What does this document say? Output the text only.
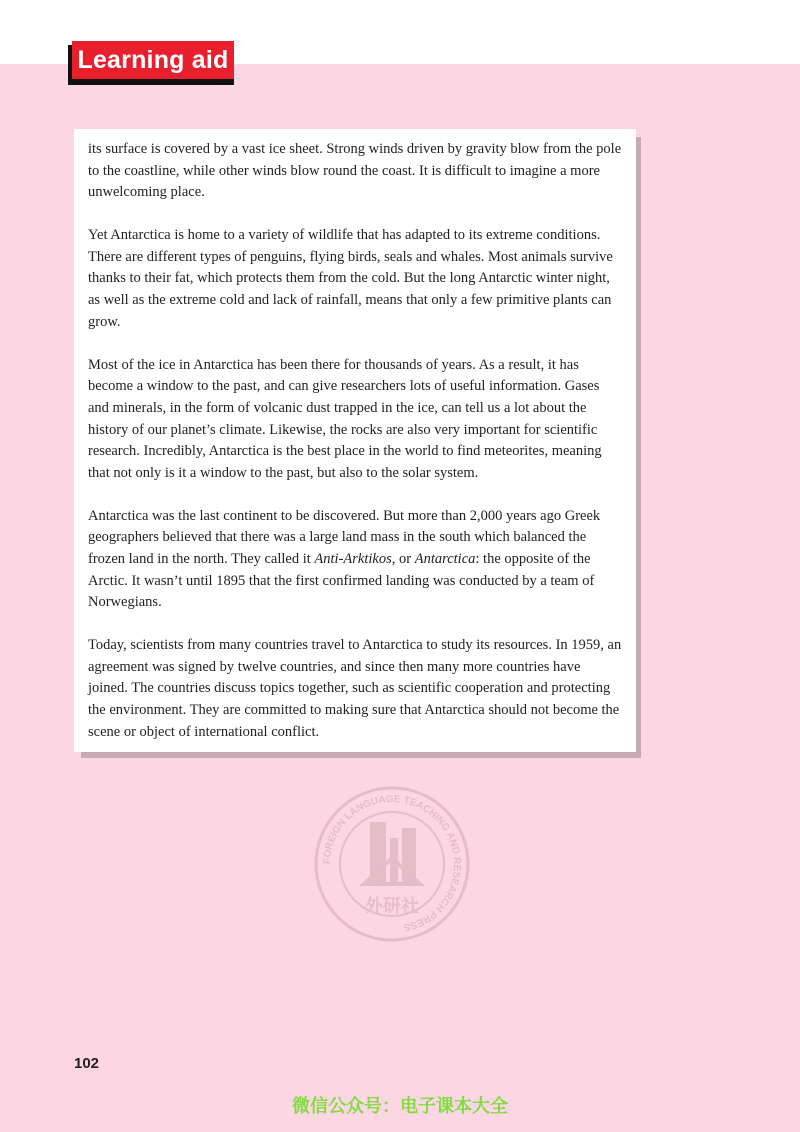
Learning aid
FOREIGN LANGUAGE TEACHING AND RESEARCH PRESS
外研社

its surface is covered by a vast ice sheet. Strong winds driven by gravity blow from the pole to the coastline, while other winds blow round the coast. It is difficult to imagine a more unwelcoming place.

Yet Antarctica is home to a variety of wildlife that has adapted to its extreme conditions. There are different types of penguins, flying birds, seals and whales. Most animals survive thanks to their fat, which protects them from the cold. But the long Antarctic winter night, as well as the extreme cold and lack of rainfall, means that only a few primitive plants can grow.

Most of the ice in Antarctica has been there for thousands of years. As a result, it has become a window to the past, and can give researchers lots of useful information. Gases and minerals, in the form of volcanic dust trapped in the ice, can tell us a lot about the history of our planet’s climate. Likewise, the rocks are also very important for scientific research. Incredibly, Antarctica is the best place in the world to find meteorites, meaning that not only is it a window to the past, but also to the solar system.

Antarctica was the last continent to be discovered. But more than 2,000 years ago Greek geographers believed that there was a large land mass in the south which balanced the frozen land in the north. They called it Anti-Arktikos, or Antarctica: the opposite of the Arctic. It wasn’t until 1895 that the first confirmed landing was conducted by a team of Norwegians.

Today, scientists from many countries travel to Antarctica to study its resources. In 1959, an agreement was signed by twelve countries, and since then many more countries have joined. The countries discuss topics together, such as scientific cooperation and protecting the environment. They are committed to making sure that Antarctica should not become the scene or object of international conflict.

102
微信公众号：电子课本大全
